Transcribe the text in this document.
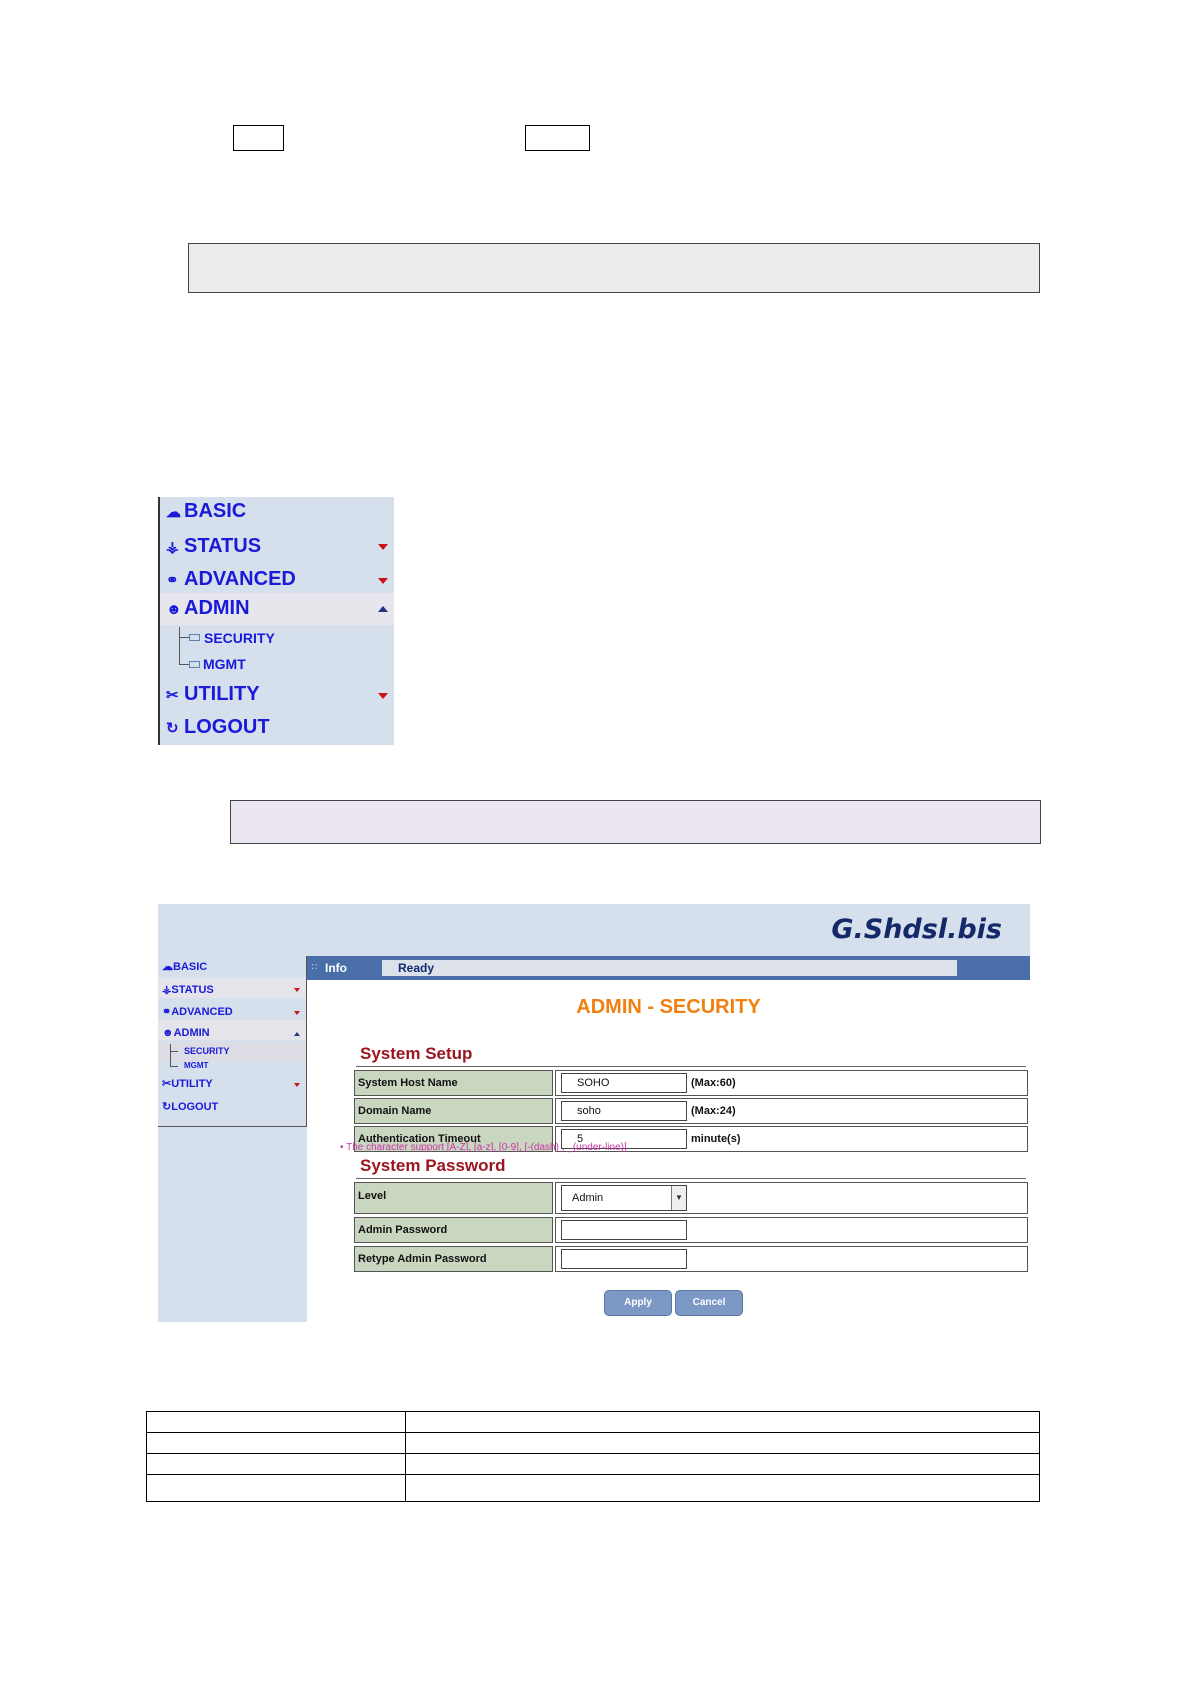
☁ BASIC
⚶ STATUS
⚭ ADVANCED
☻ ADMIN
SECURITY
MGMT
✂ UTILITY
↻ LOGOUT
G.Shdsl.bis
☁BASIC
⚶STATUS
⚭ADVANCED
☻ADMIN
SECURITY
MGMT
✂UTILITY
↻LOGOUT
:: Info	Ready
ADMIN - SECURITY
System Setup
System Host Name	SOHO	(Max:60)
Domain Name	soho	(Max:24)
Authentication Timeout	5	minute(s)
• The character support [A-Z], [a-z], [0-9], [-(dash) , _(under-line)]
System Password
Level	Admin	▼
Admin Password
Retype Admin Password
Apply	Cancel
